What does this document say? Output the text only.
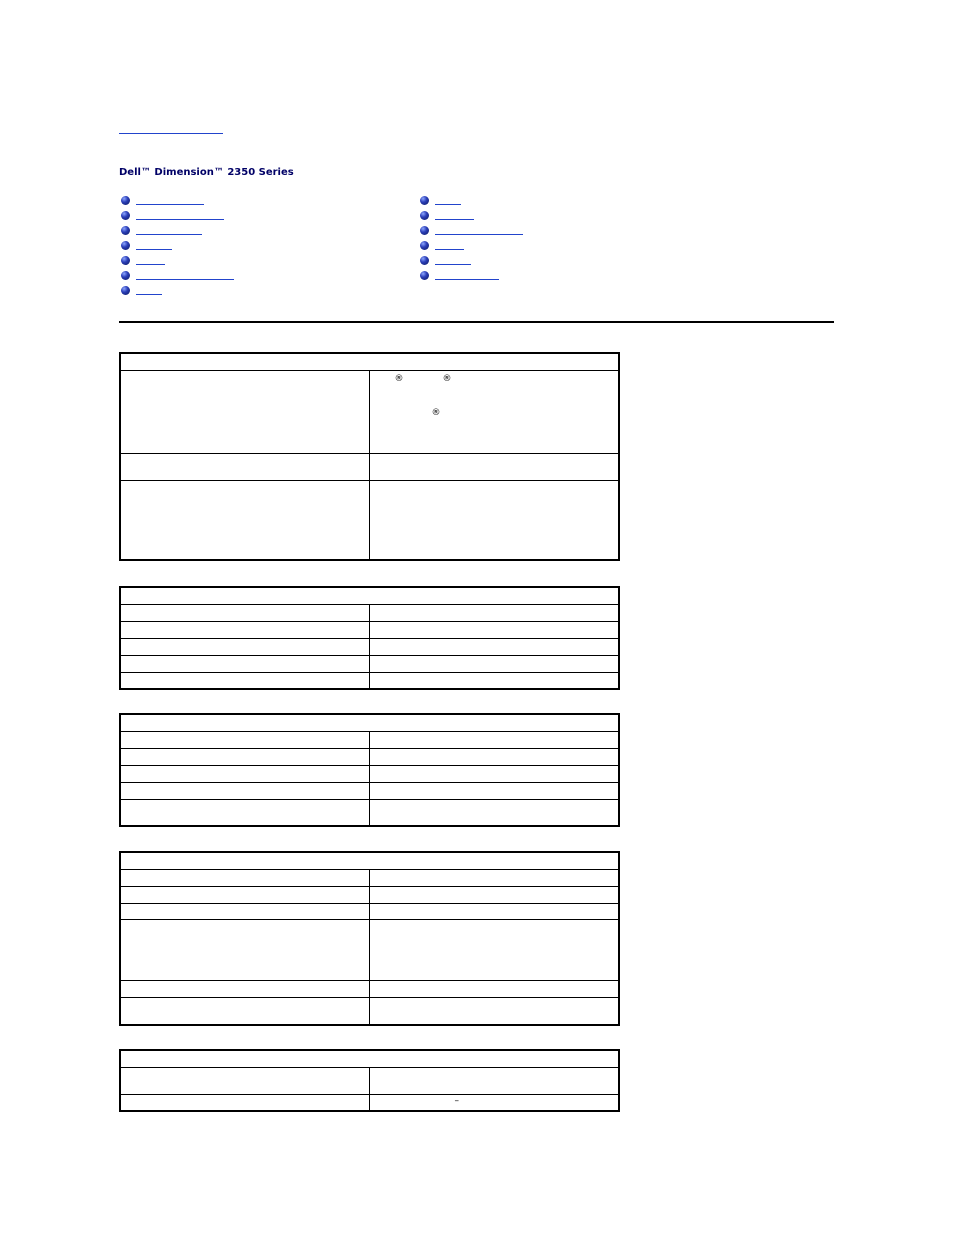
Dell™ Dimension™ 2350 Series

	® ®
®

	–
